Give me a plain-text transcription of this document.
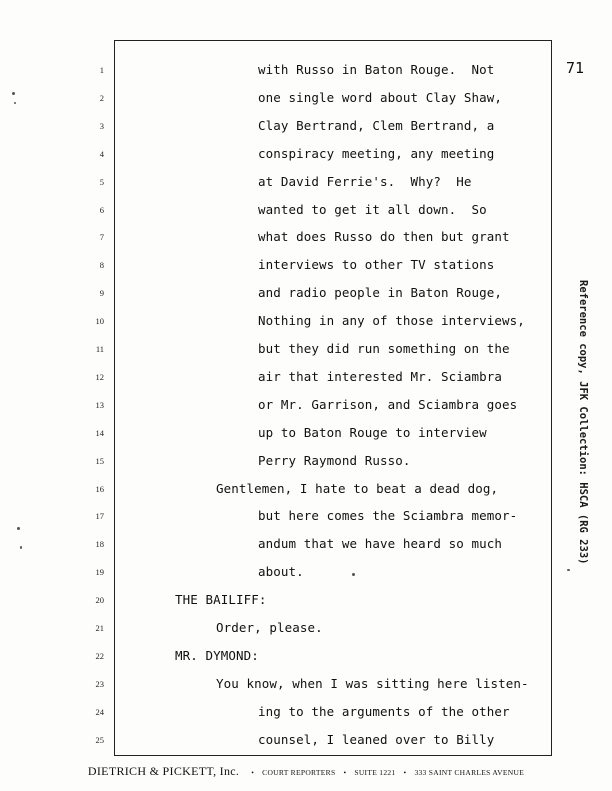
71
1	with Russo in Baton Rouge.  Not
2	one single word about Clay Shaw,
3	Clay Bertrand, Clem Bertrand, a
4	conspiracy meeting, any meeting
5	at David Ferrie's.  Why?  He
6	wanted to get it all down.  So
7	what does Russo do then but grant
8	interviews to other TV stations
9	and radio people in Baton Rouge,
10	Nothing in any of those interviews,
11	but they did run something on the
12	air that interested Mr. Sciambra
13	or Mr. Garrison, and Sciambra goes
14	up to Baton Rouge to interview
15	Perry Raymond Russo.
16	Gentlemen, I hate to beat a dead dog,
17	but here comes the Sciambra memor-
18	andum that we have heard so much
19	about.
20	THE BAILIFF:
21	Order, please.
22	MR. DYMOND:
23	You know, when I was sitting here listen-
24	ing to the arguments of the other
25	counsel, I leaned over to Billy
Reference copy, JFK Collection: HSCA (RG 233)
DIETRICH & PICKETT, Inc. • COURT REPORTERS • SUITE 1221 • 333 SAINT CHARLES AVENUE
